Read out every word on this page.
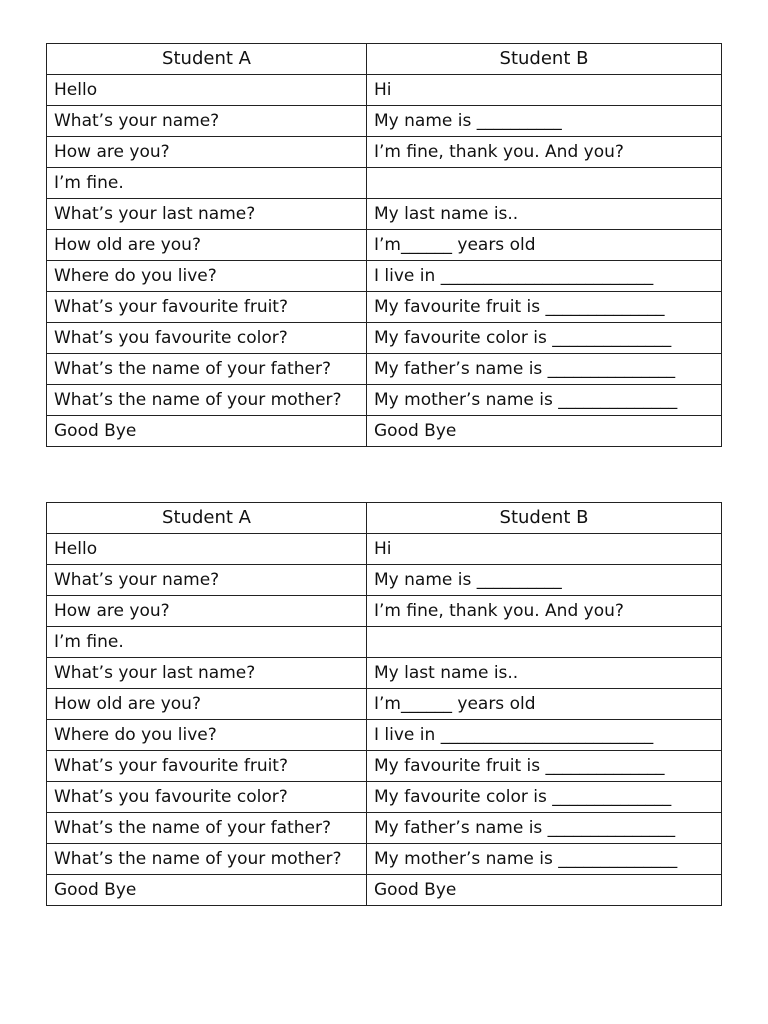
Student A	Student B
Hello	Hi
What’s your name?	My name is __________
How are you?	I’m fine, thank you. And you?
I’m fine.	
What’s your last name?	My last name is..
How old are you?	I’m______ years old
Where do you live?	I live in _________________________
What’s your favourite fruit?	My favourite fruit is ______________
What’s you favourite color?	My favourite color is ______________
What’s the name of your father?	My father’s name is _______________
What’s the name of your mother?	My mother’s name is ______________
Good Bye	Good Bye
Student A	Student B
Hello	Hi
What’s your name?	My name is __________
How are you?	I’m fine, thank you. And you?
I’m fine.	
What’s your last name?	My last name is..
How old are you?	I’m______ years old
Where do you live?	I live in _________________________
What’s your favourite fruit?	My favourite fruit is ______________
What’s you favourite color?	My favourite color is ______________
What’s the name of your father?	My father’s name is _______________
What’s the name of your mother?	My mother’s name is ______________
Good Bye	Good Bye
